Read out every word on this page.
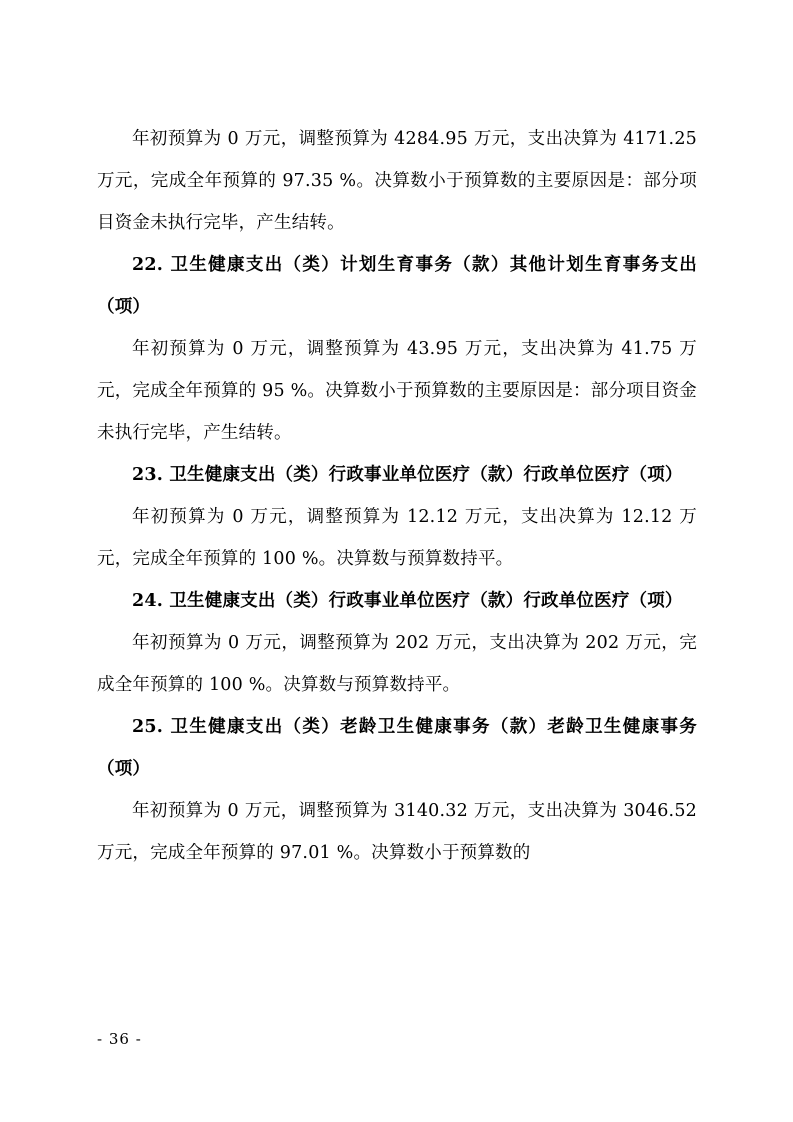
年初预算为 0 万元，调整预算为 4284.95 万元，支出决算为 4171.25 万元，完成全年预算的 97.35 %。决算数小于预算数的主要原因是：部分项目资金未执行完毕，产生结转。

22. 卫生健康支出（类）计划生育事务（款）其他计划生育事务支出（项）

年初预算为 0 万元，调整预算为 43.95 万元，支出决算为 41.75 万元，完成全年预算的 95 %。决算数小于预算数的主要原因是：部分项目资金未执行完毕，产生结转。

23. 卫生健康支出（类）行政事业单位医疗（款）行政单位医疗（项）

年初预算为 0 万元，调整预算为 12.12 万元，支出决算为 12.12 万元，完成全年预算的 100 %。决算数与预算数持平。

24. 卫生健康支出（类）行政事业单位医疗（款）行政单位医疗（项）

年初预算为 0 万元，调整预算为 202 万元，支出决算为 202 万元，完成全年预算的 100 %。决算数与预算数持平。

25. 卫生健康支出（类）老龄卫生健康事务（款）老龄卫生健康事务（项）

年初预算为 0 万元，调整预算为 3140.32 万元，支出决算为 3046.52 万元，完成全年预算的 97.01 %。决算数小于预算数的

- 36 -
